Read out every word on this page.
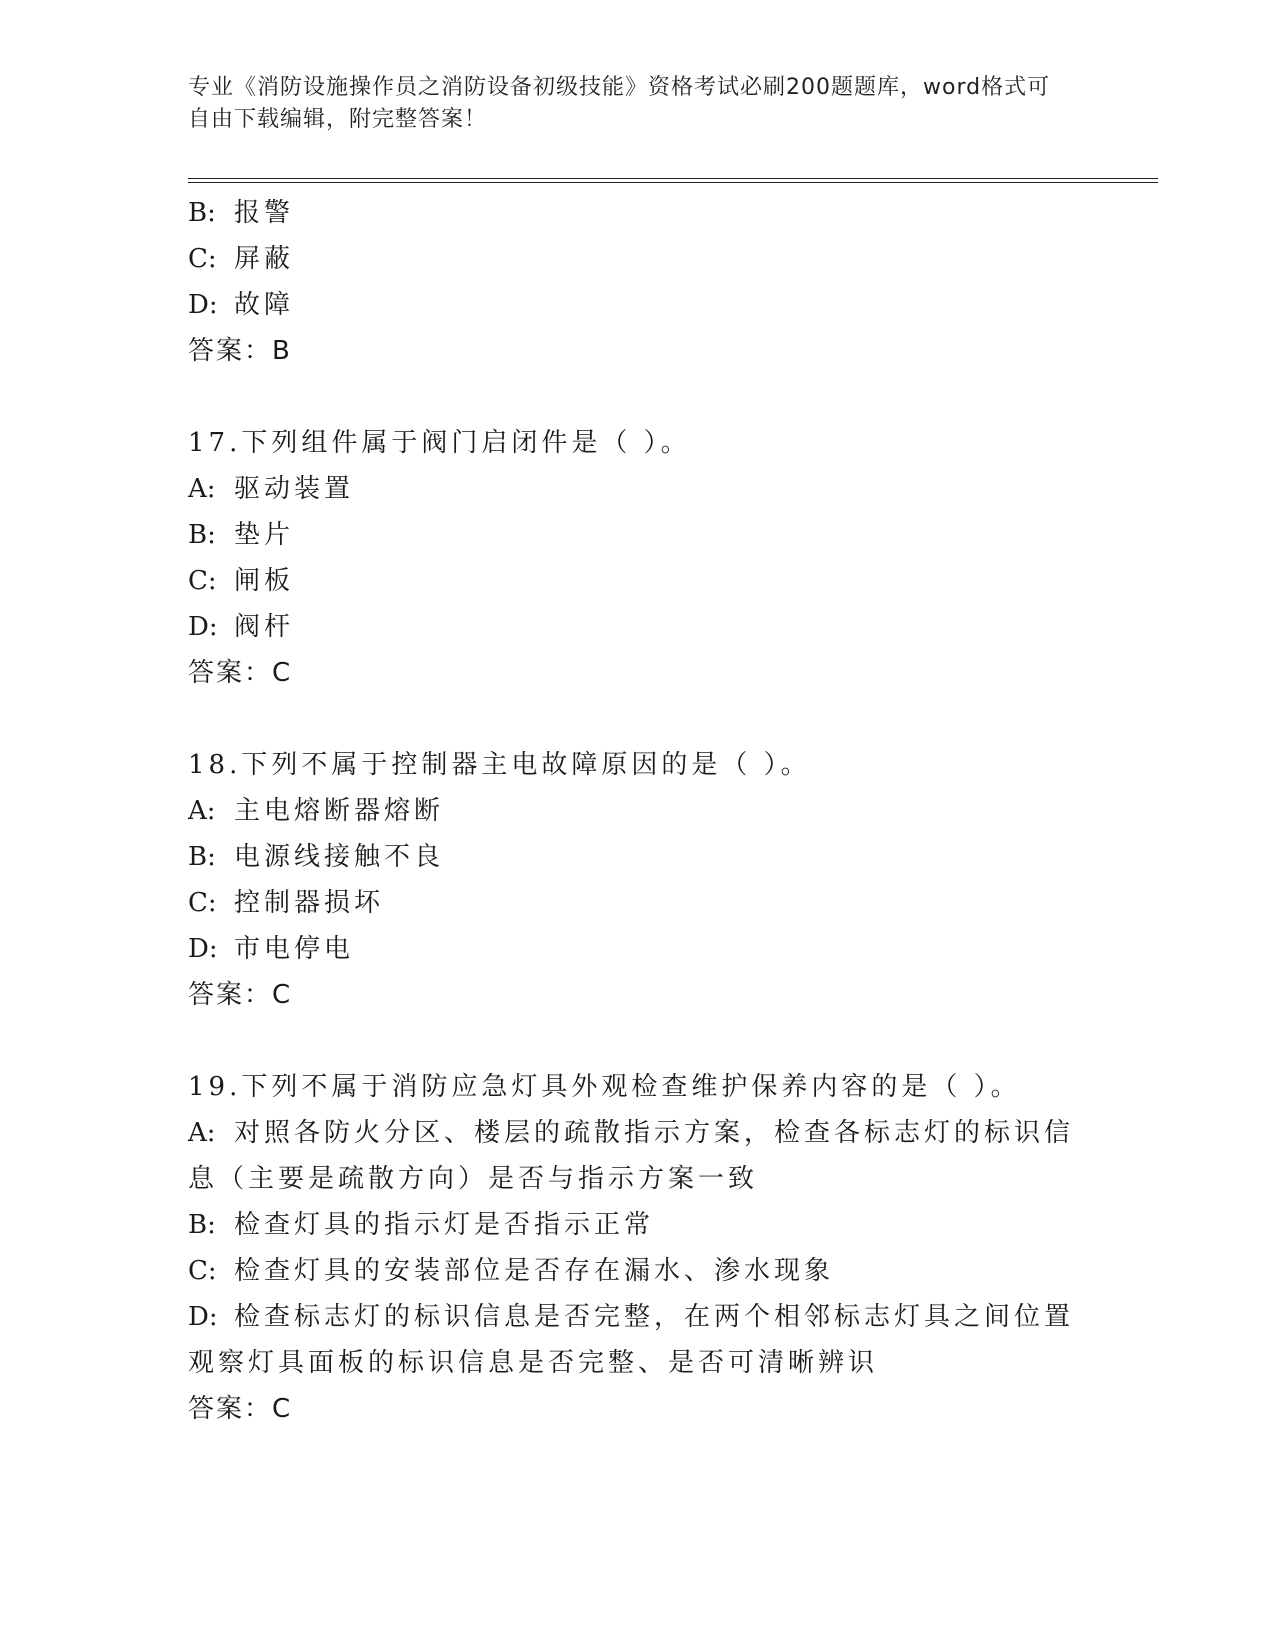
专业《消防设施操作员之消防设备初级技能》资格考试必刷200题题库，word格式可自由下载编辑，附完整答案！
B: 报警
C: 屏蔽
D: 故障
答案：B
17.下列组件属于阀门启闭件是（ ）。
A: 驱动装置
B: 垫片
C: 闸板
D: 阀杆
答案：C
18.下列不属于控制器主电故障原因的是（ ）。
A: 主电熔断器熔断
B: 电源线接触不良
C: 控制器损坏
D: 市电停电
答案：C
19.下列不属于消防应急灯具外观检查维护保养内容的是（ ）。
A: 对照各防火分区、楼层的疏散指示方案，检查各标志灯的标识信息（主要是疏散方向）是否与指示方案一致
B: 检查灯具的指示灯是否指示正常
C: 检查灯具的安装部位是否存在漏水、渗水现象
D: 检查标志灯的标识信息是否完整，在两个相邻标志灯具之间位置观察灯具面板的标识信息是否完整、是否可清晰辨识
答案：C
